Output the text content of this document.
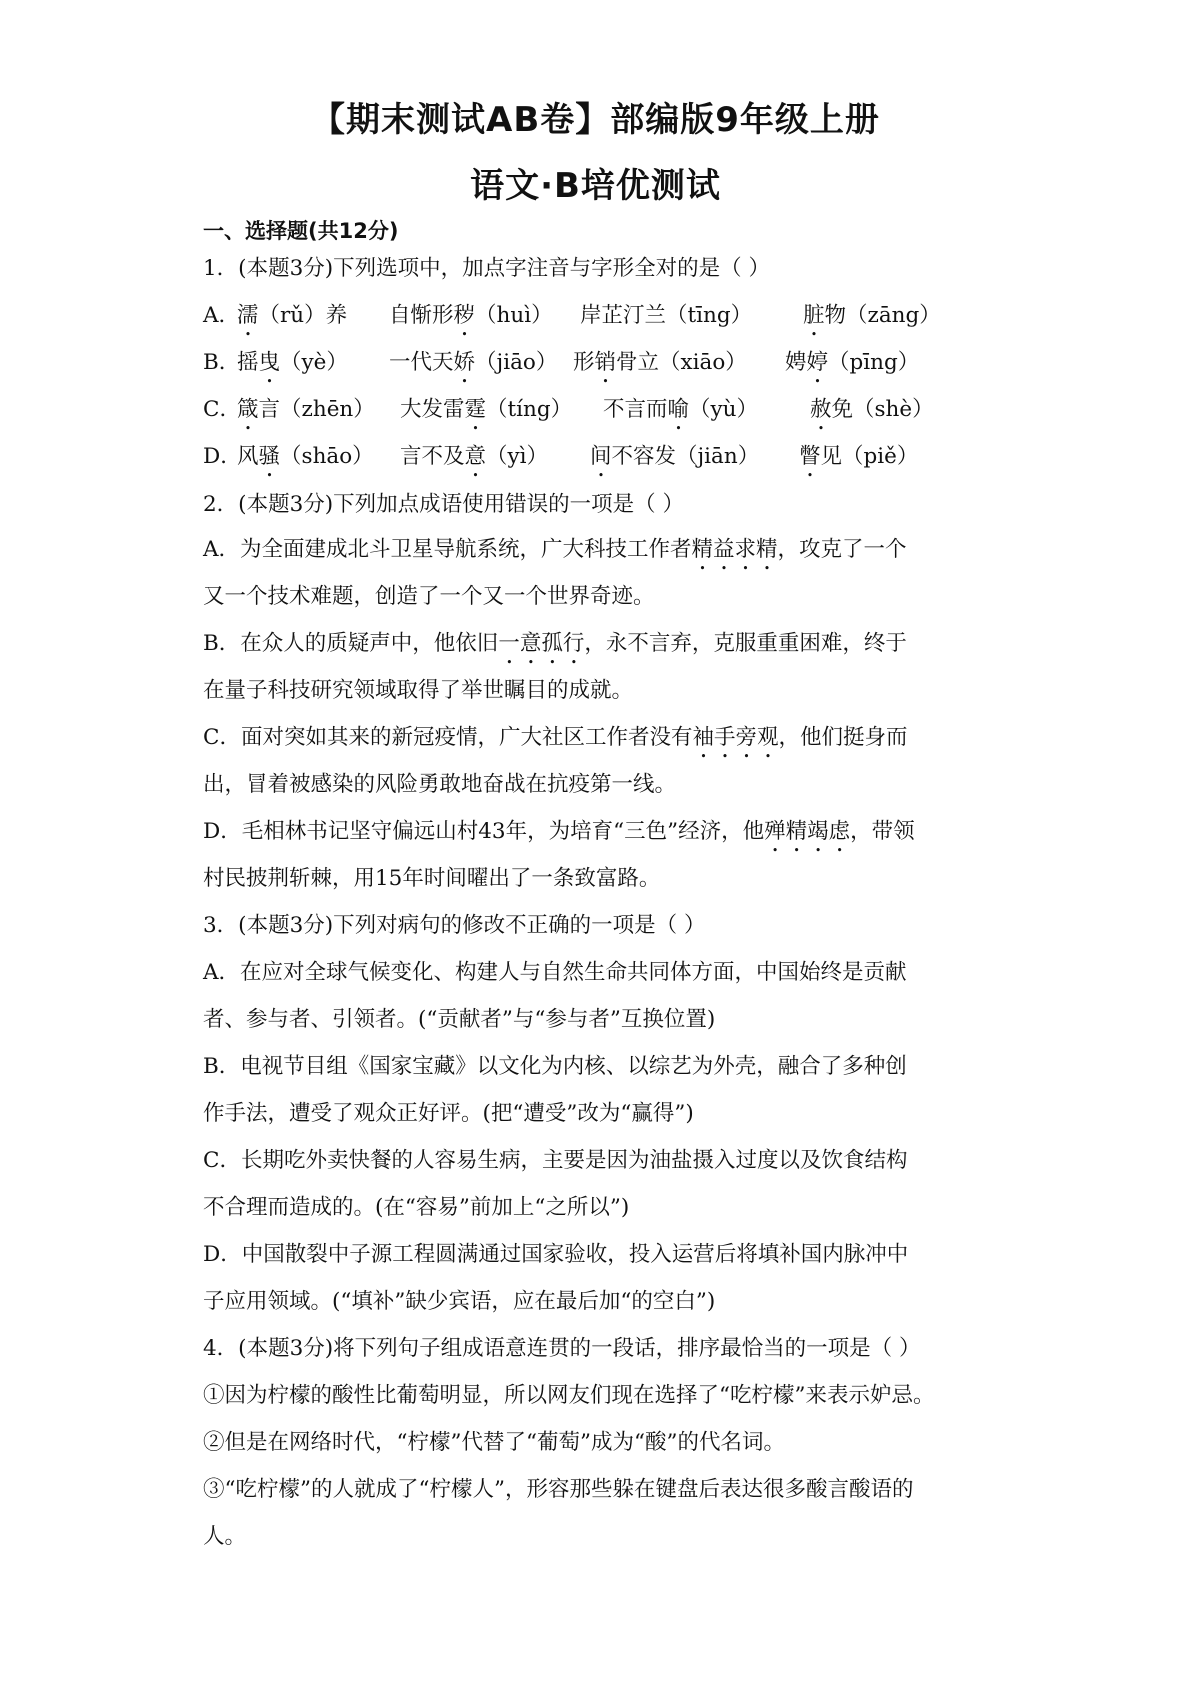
【期末测试AB卷】部编版9年级上册
语文·B培优测试
一、选择题(共12分)
1．(本题3分)下列选项中，加点字注音与字形全对的是（ ）
A．
濡（rǔ）养 自惭形秽（huì） 岸芷汀兰（tīng） 脏物（zāng）
B．
摇曳（yè） 一代天娇（jiāo） 形销骨立（xiāo） 娉婷（pīng）
C．
箴言（zhēn） 大发雷霆（tíng） 不言而喻（yù） 赦免（shè）
D．
风骚（shāo） 言不及意（yì） 间不容发（jiān） 瞥见（piě）
2．(本题3分)下列加点成语使用错误的一项是（ ）
A．为全面建成北斗卫星导航系统，广大科技工作者精益求精，攻克了一个
又一个技术难题，创造了一个又一个世界奇迹。
B．在众人的质疑声中，他依旧一意孤行，永不言弃，克服重重困难，终于
在量子科技研究领域取得了举世瞩目的成就。
C．面对突如其来的新冠疫情，广大社区工作者没有袖手旁观，他们挺身而
出，冒着被感染的风险勇敢地奋战在抗疫第一线。
D．毛相林书记坚守偏远山村43年，为培育“三色”经济，他殚精竭虑，带领
村民披荆斩棘，用15年时间曜出了一条致富路。
3．(本题3分)下列对病句的修改不正确的一项是（ ）
A．在应对全球气候变化、构建人与自然生命共同体方面，中国始终是贡献
者、参与者、引领者。(“贡献者”与“参与者”互换位置)
B．电视节目组《国家宝藏》以文化为内核、以综艺为外壳，融合了多种创
作手法，遭受了观众正好评。(把“遭受”改为“赢得”)
C．长期吃外卖快餐的人容易生病，主要是因为油盐摄入过度以及饮食结构
不合理而造成的。(在“容易”前加上“之所以”)
D．中国散裂中子源工程圆满通过国家验收，投入运营后将填补国内脉冲中
子应用领域。(“填补”缺少宾语，应在最后加“的空白”)
4．(本题3分)将下列句子组成语意连贯的一段话，排序最恰当的一项是（ ）
①因为柠檬的酸性比葡萄明显，所以网友们现在选择了“吃柠檬”来表示妒忌。
②但是在网络时代，“柠檬”代替了“葡萄”成为“酸”的代名词。
③“吃柠檬”的人就成了“柠檬人”，形容那些躲在键盘后表达很多酸言酸语的
人。
